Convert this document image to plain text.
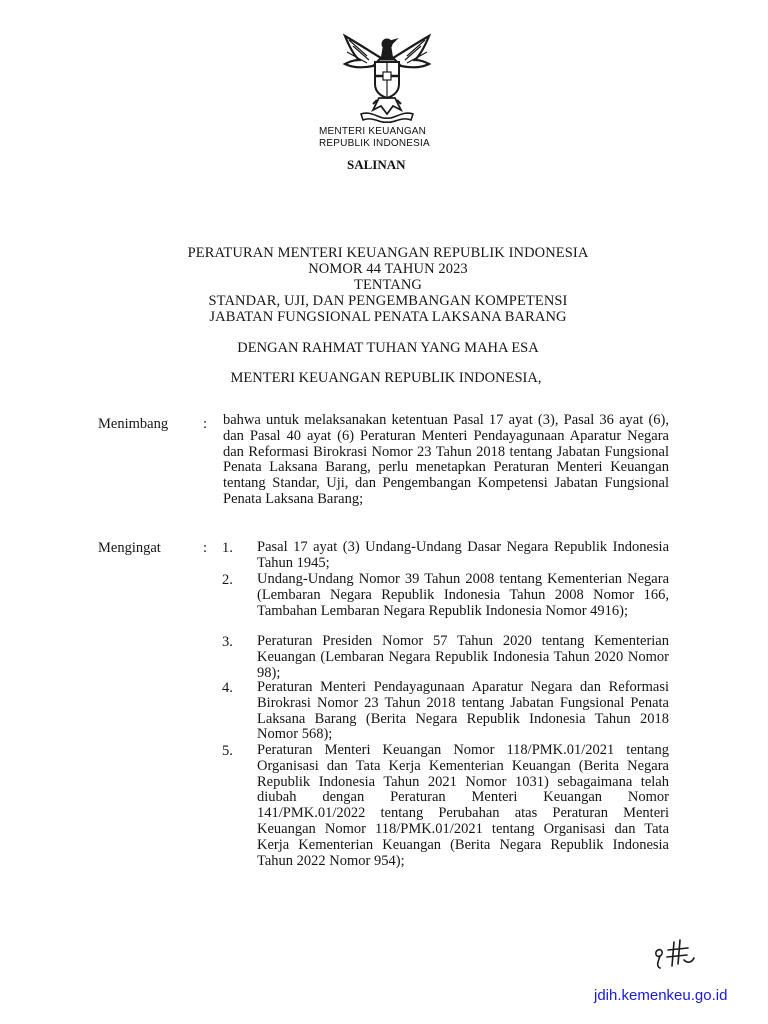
MENTERI KEUANGAN
REPUBLIK INDONESIA
SALINAN
PERATURAN MENTERI KEUANGAN REPUBLIK INDONESIA
NOMOR 44 TAHUN 2023
TENTANG
STANDAR, UJI, DAN PENGEMBANGAN KOMPETENSI
JABATAN FUNGSIONAL PENATA LAKSANA BARANG
DENGAN RAHMAT TUHAN YANG MAHA ESA
MENTERI KEUANGAN REPUBLIK INDONESIA,
Menimbang : bahwa untuk melaksanakan ketentuan Pasal 17 ayat (3), Pasal 36 ayat (6), dan Pasal 40 ayat (6) Peraturan Menteri Pendayagunaan Aparatur Negara dan Reformasi Birokrasi Nomor 23 Tahun 2018 tentang Jabatan Fungsional Penata Laksana Barang, perlu menetapkan Peraturan Menteri Keuangan tentang Standar, Uji, dan Pengembangan Kompetensi Jabatan Fungsional Penata Laksana Barang;
Mengingat	: 1. Pasal 17 ayat (3) Undang-Undang Dasar Negara Republik Indonesia Tahun 1945;
2. Undang-Undang Nomor 39 Tahun 2008 tentang Kementerian Negara (Lembaran Negara Republik Indonesia Tahun 2008 Nomor 166, Tambahan Lembaran Negara Republik Indonesia Nomor 4916);
3. Peraturan Presiden Nomor 57 Tahun 2020 tentang Kementerian Keuangan (Lembaran Negara Republik Indonesia Tahun 2020 Nomor 98);
4. Peraturan Menteri Pendayagunaan Aparatur Negara dan Reformasi Birokrasi Nomor 23 Tahun 2018 tentang Jabatan Fungsional Penata Laksana Barang (Berita Negara Republik Indonesia Tahun 2018 Nomor 568);
5. Peraturan Menteri Keuangan Nomor 118/PMK.01/2021 tentang Organisasi dan Tata Kerja Kementerian Keuangan (Berita Negara Republik Indonesia Tahun 2021 Nomor 1031) sebagaimana telah diubah dengan Peraturan Menteri Keuangan Nomor 141/PMK.01/2022 tentang Perubahan atas Peraturan Menteri Keuangan Nomor 118/PMK.01/2021 tentang Organisasi dan Tata Kerja Kementerian Keuangan (Berita Negara Republik Indonesia Tahun 2022 Nomor 954);
jdih.kemenkeu.go.id
